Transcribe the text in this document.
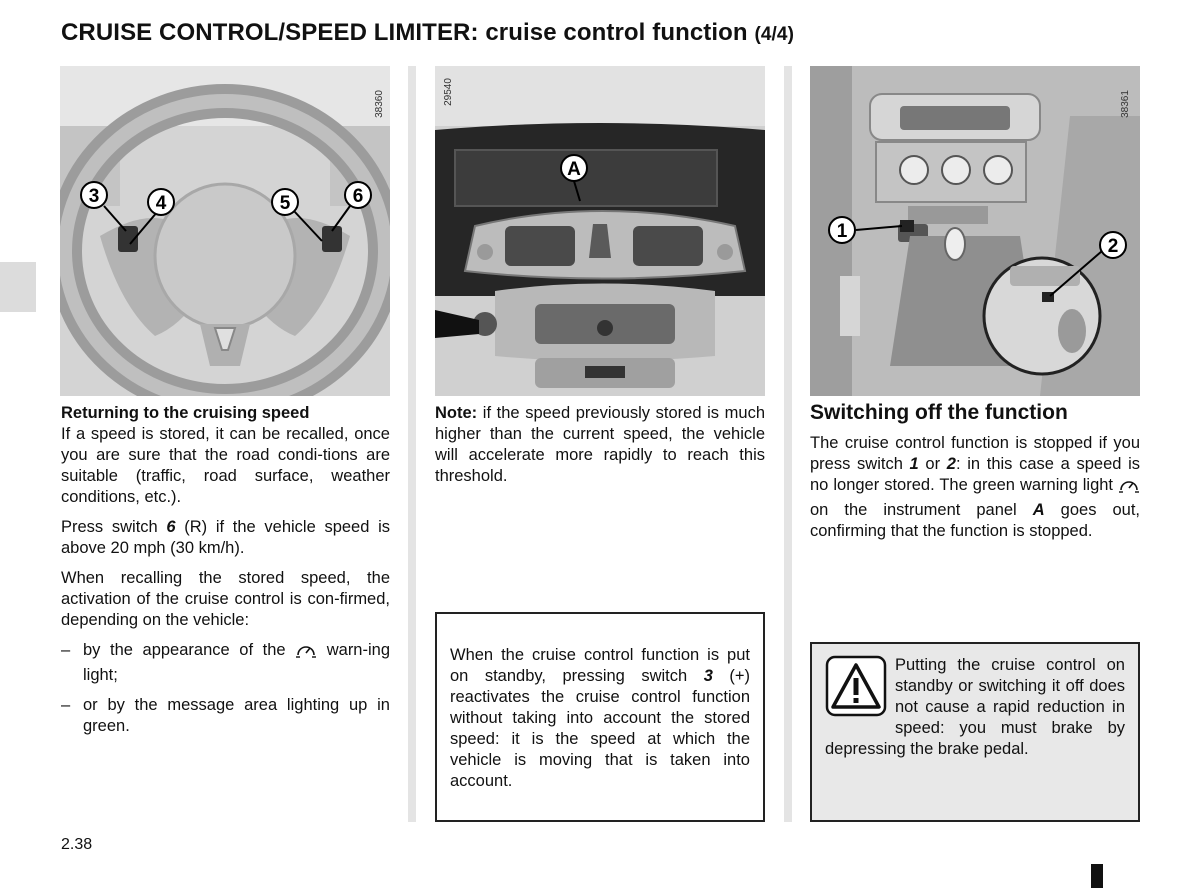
CRUISE CONTROL/SPEED LIMITER: cruise control function (4/4)
3	4	5	6
38360
A
29540
1
2
38361
Returning to the cruising speed

If a speed is stored, it can be recalled, once you are sure that the road condi-tions are suitable (traffic, road surface, weather conditions, etc.).

Press switch 6 (R) if the vehicle speed is above 20 mph (30 km/h).

When recalling the stored speed, the activation of the cruise control is con-firmed, depending on the vehicle:

– by the appearance of the  warn-ing light;
– or by the message area lighting up in green.

Note: if the speed previously stored is much higher than the current speed, the vehicle will accelerate more rapidly to reach this threshold.

When the cruise control function is put on standby, pressing switch 3 (+) reactivates the cruise control function without taking into account the stored speed: it is the speed at which the vehicle is moving that is taken into account.
Switching off the function

The cruise control function is stopped if you press switch 1 or 2: in this case a speed is no longer stored. The green warning light  on the instrument panel A goes out, confirming that the function is stopped.

Putting the cruise control on standby or switching it off does not cause a rapid reduction in speed: you must brake by depressing the brake pedal.
2.38
